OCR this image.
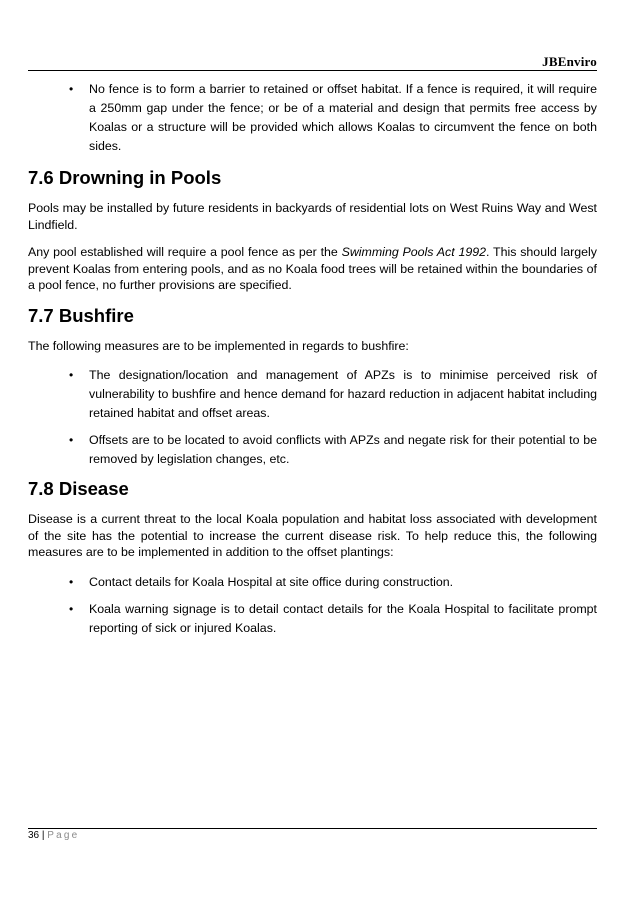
JBEnviro
• No fence is to form a barrier to retained or offset habitat. If a fence is required, it will require a 250mm gap under the fence; or be of a material and design that permits free access by Koalas or a structure will be provided which allows Koalas to circumvent the fence on both sides.
7.6 Drowning in Pools

Pools may be installed by future residents in backyards of residential lots on West Ruins Way and West Lindfield.

Any pool established will require a pool fence as per the Swimming Pools Act 1992. This should largely prevent Koalas from entering pools, and as no Koala food trees will be retained within the boundaries of a pool fence, no further provisions are specified.

7.7 Bushfire

The following measures are to be implemented in regards to bushfire:

• The designation/location and management of APZs is to minimise perceived risk of vulnerability to bushfire and hence demand for hazard reduction in adjacent habitat including retained habitat and offset areas.
• Offsets are to be located to avoid conflicts with APZs and negate risk for their potential to be removed by legislation changes, etc.
7.8 Disease

Disease is a current threat to the local Koala population and habitat loss associated with development of the site has the potential to increase the current disease risk. To help reduce this, the following measures are to be implemented in addition to the offset plantings:

• Contact details for Koala Hospital at site office during construction.
• Koala warning signage is to detail contact details for the Koala Hospital to facilitate prompt reporting of sick or injured Koalas.
36 | Page
